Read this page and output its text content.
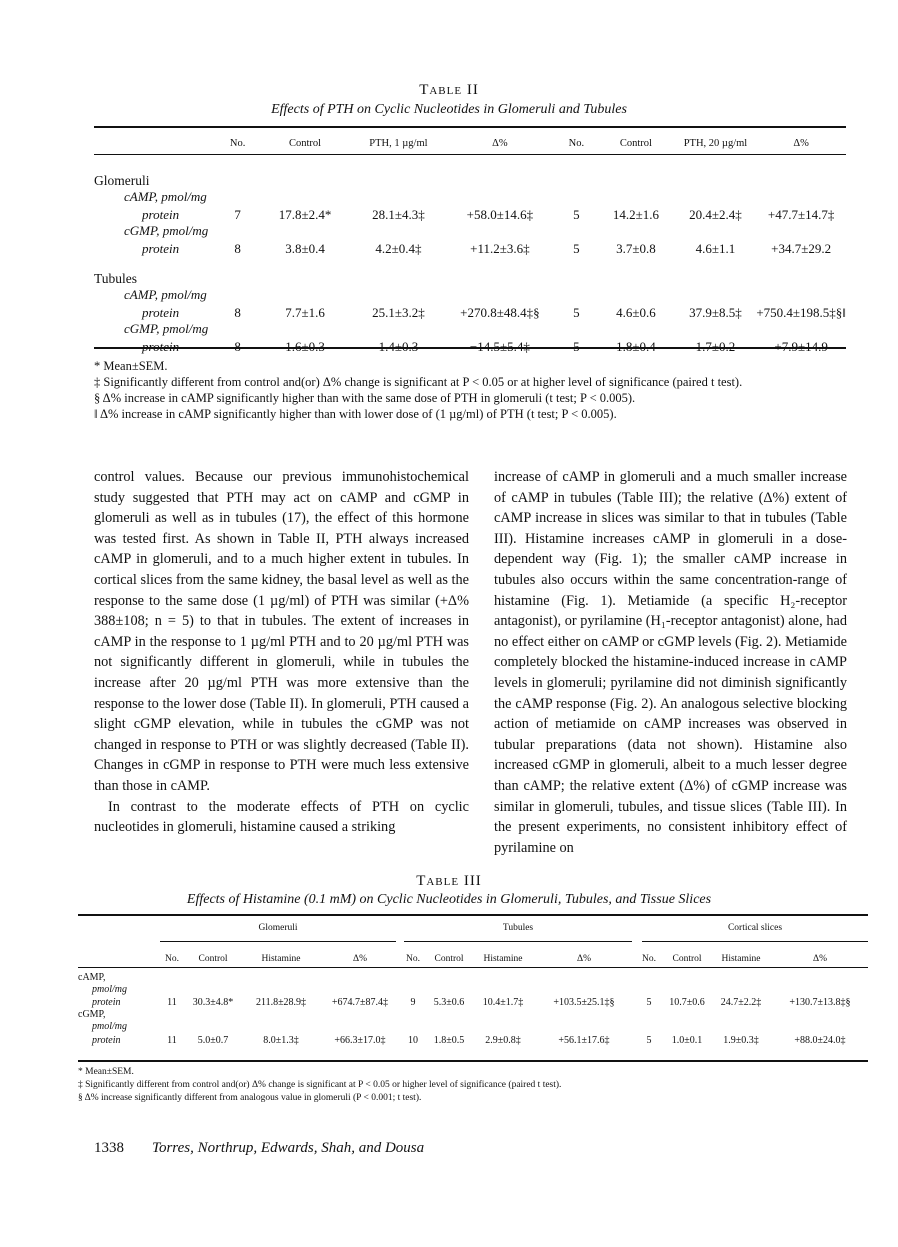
Table II
Effects of PTH on Cyclic Nucleotides in Glomeruli and Tubules
	No.	Control	PTH, 1 µg/ml	Δ%	No.	Control	PTH, 20 µg/ml	Δ%
Glomeruli								
cAMP, pmol/mg								
protein	7	17.8±2.4*	28.1±4.3‡	+58.0±14.6‡	5	14.2±1.6	20.4±2.4‡	+47.7±14.7‡
cGMP, pmol/mg								
protein	8	3.8±0.4	4.2±0.4‡	+11.2±3.6‡	5	3.7±0.8	4.6±1.1	+34.7±29.2
Tubules								
cAMP, pmol/mg								
protein	8	7.7±1.6	25.1±3.2‡	+270.8±48.4‡§	5	4.6±0.6	37.9±8.5‡	+750.4±198.5‡§‖
cGMP, pmol/mg								
protein	8	1.6±0.3	1.4±0.3	−14.5±5.4‡	5	1.8±0.4	1.7±0.2	+7.9±14.9
* Mean±SEM.
‡ Significantly different from control and(or) Δ% change is significant at P < 0.05 or at higher level of significance (paired t test).
§ Δ% increase in cAMP significantly higher than with the same dose of PTH in glomeruli (t test; P < 0.005).
‖ Δ% increase in cAMP significantly higher than with lower dose of (1 µg/ml) of PTH (t test; P < 0.005).

control values. Because our previous immunohistochemical study suggested that PTH may act on cAMP and cGMP in glomeruli as well as in tubules (17), the effect of this hormone was tested first. As shown in Table II, PTH always increased cAMP in glomeruli, and to a much higher extent in tubules. In cortical slices from the same kidney, the basal level as well as the response to the same dose (1 µg/ml) of PTH was similar (+Δ% 388±108; n = 5) to that in tubules. The extent of increases in cAMP in the response to 1 µg/ml PTH and to 20 µg/ml PTH was not significantly different in glomeruli, while in tubules the increase after 20 µg/ml PTH was more extensive than the response to the lower dose (Table II). In glomeruli, PTH caused a slight cGMP elevation, while in tubules the cGMP was not changed in response to PTH or was slightly decreased (Table II). Changes in cGMP in response to PTH were much less extensive than those in cAMP.

In contrast to the moderate effects of PTH on cyclic nucleotides in glomeruli, histamine caused a striking

increase of cAMP in glomeruli and a much smaller increase of cAMP in tubules (Table III); the relative (Δ%) extent of cAMP increase in slices was similar to that in tubules (Table III). Histamine increases cAMP in glomeruli in a dose-dependent way (Fig. 1); the smaller cAMP increase in tubules also occurs within the same concentration-range of histamine (Fig. 1). Metiamide (a specific H₂-receptor antagonist), or pyrilamine (H₁-receptor antagonist) alone, had no effect either on cAMP or cGMP levels (Fig. 2). Metiamide completely blocked the histamine-induced increase in cAMP levels in glomeruli; pyrilamine did not diminish significantly the cAMP response (Fig. 2). An analogous selective blocking action of metiamide on cAMP increases was observed in tubular preparations (data not shown). Histamine also increased cGMP in glomeruli, albeit to a much lesser degree than cAMP; the relative extent (Δ%) of cGMP increase was similar in glomeruli, tubules, and tissue slices (Table III). In the present experiments, no consistent inhibitory effect of pyrilamine on

Table III
Effects of Histamine (0.1 mM) on Cyclic Nucleotides in Glomeruli, Tubules, and Tissue Slices
Glomeruli	Tubules	Cortical slices
	No.	Control	Histamine	Δ%	No.	Control	Histamine	Δ%	No.	Control	Histamine	Δ%
cAMP,												
pmol/mg												
protein	11	30.3±4.8*	211.8±28.9‡	+674.7±87.4‡	9	5.3±0.6	10.4±1.7‡	+103.5±25.1‡§	5	10.7±0.6	24.7±2.2‡	+130.7±13.8‡§
cGMP,												
pmol/mg												
protein	11	5.0±0.7	8.0±1.3‡	+66.3±17.0‡	10	1.8±0.5	2.9±0.8‡	+56.1±17.6‡	5	1.0±0.1	1.9±0.3‡	+88.0±24.0‡
* Mean±SEM.
‡ Significantly different from control and(or) Δ% change is significant at P < 0.05 or higher level of significance (paired t test).
§ Δ% increase significantly different from analogous value in glomeruli (P < 0.001; t test).
1338 Torres, Northrup, Edwards, Shah, and Dousa
